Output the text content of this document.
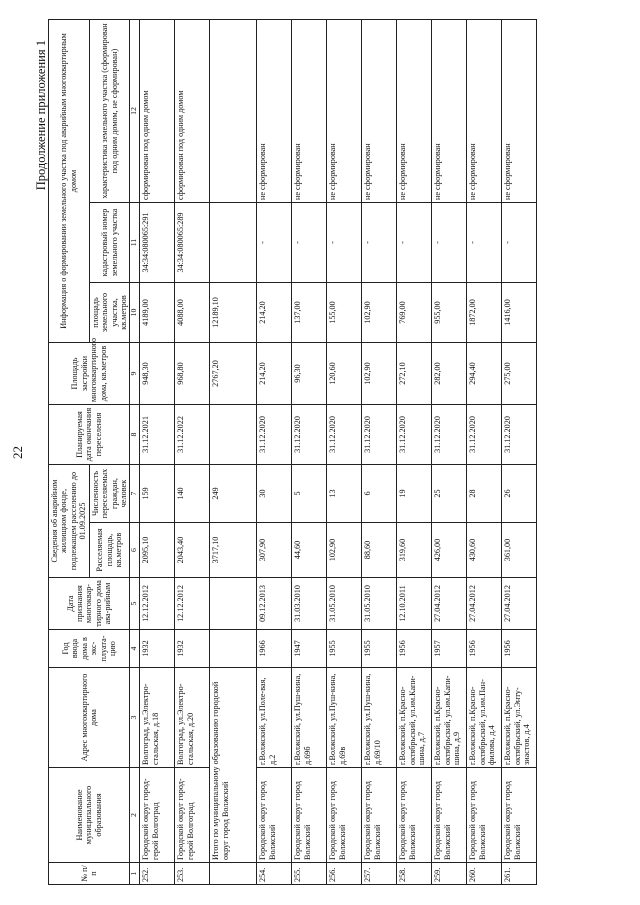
22
Продолжение приложения 1
№ п/п	Наименование муниципального образования	Адрес многоквартирного дома	Год ввода дома в экс-плуата-цию	Дата признания многоквар-тирного дома ава-рийным	Сведения об аварийном жилищном фонде, подлежащем расселению до 01.09.2025		Планируемая дата окончания переселения	Площадь застройки многоквартирного дома, кв.метров	Информация о формировании земельного участка под аварийным многоквартирным домом		
					Расселяемая площадь, кв.метров	Численность переселяемых граждан, человек			площадь земельного участка, кв.метров	кадастровый номер земельного участка	характеристика земельного участка (сформирован под одним домом, не сформирован)
1	2	3	4	5	6	7	8	9	10	11	12
252.	Городской округ город-герой Волгоград	Волгоград, ул.Электро-стальская, д.18	1932	12.12.2012	2095,10	159	31.12.2021	948,30	4189,00	34:34:080065:291	сформирован под одним домом
253.	Городской округ город-герой Волгоград	Волгоград, ул.Электро-стальская, д.20	1932	12.12.2012	2043,40	140	31.12.2022	968,80	4088,00	34:34:080065:289	сформирован под одним домом
	Итого по муниципальному образованию городской округ город Волжский				3717,10	249		2767,20	12189,10		
254.	Городской округ город Волжский	г.Волжский, ул.Поле-вая, д.2	1966	09.12.2013	307,90	30	31.12.2020	214,20	214,20	-	не сформирован
255.	Городской округ город Волжский	г.Волжский, ул.Пуш-кина, д.69б	1947	31.03.2010	44,60	5	31.12.2020	96,30	137,00	-	не сформирован
256.	Городской округ город Волжский	г.Волжский, ул.Пуш-кина, д.69в	1955	31.05.2010	102,90	13	31.12.2020	120,60	155,00	-	не сформирован
257.	Городской округ город Волжский	г.Волжский, ул.Пуш-кина, д.69/10	1955	31.05.2010	88,60	6	31.12.2020	102,90	102,90	-	не сформирован
258.	Городской округ город Волжский	г.Волжский, п.Красно-октябрьский, ул.им.Капи-шина, д.7	1956	12.10.2011	319,60	19	31.12.2020	272,10	769,00	-	не сформирован
259.	Городской округ город Волжский	г.Волжский, п.Красно-октябрьский, ул.им.Капи-шина, д.9	1957	27.04.2012	426,00	25	31.12.2020	282,00	955,00	-	не сформирован
260.	Городской округ город Волжский	г.Волжский, п.Красно-октябрьский, ул.им.Пан-филова, д.4	1956	27.04.2012	430,60	28	31.12.2020	294,40	1872,00	-	не сформирован
261.	Городской округ город Волжский	г.Волжский, п.Красно-октябрьский, ул.Энту-зиастов, д.4	1956	27.04.2012	361,00	26	31.12.2020	275,00	1416,00	-	не сформирован
